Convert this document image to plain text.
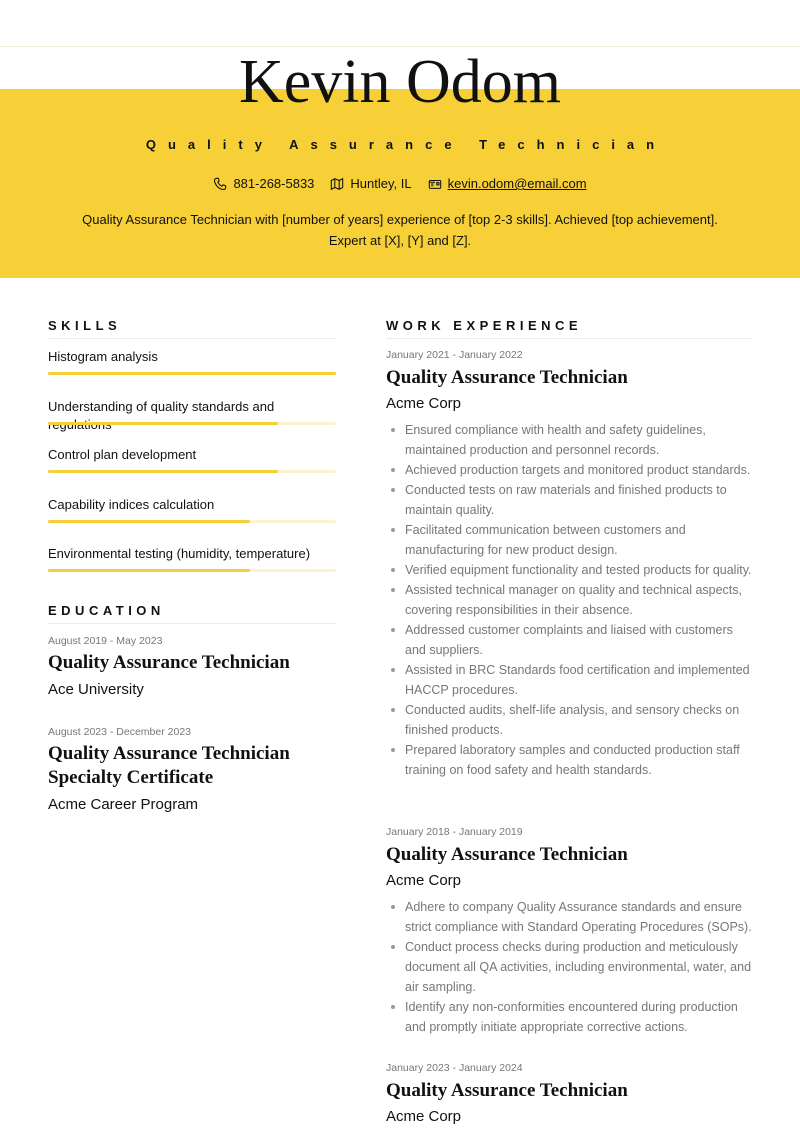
Kevin Odom
Quality Assurance Technician
881-268-5833	Huntley, IL	kevin.odom@email.com
Quality Assurance Technician with [number of years] experience of [top 2-3 skills]. Achieved [top achievement].
Expert at [X], [Y] and [Z].
SKILLS
Histogram analysis
Understanding of quality standards and
Control plan development
Capability indices calculation
Environmental testing (humidity, temperature)
EDUCATION
August 2019 - May 2023
Quality Assurance Technician
Ace University
August 2023 - December 2023
Quality Assurance Technician
Specialty Certificate
Acme Career Program
WORK EXPERIENCE
January 2021 - January 2022
Quality Assurance Technician
Acme Corp
Ensured compliance with health and safety guidelines, maintained production and personnel records.
Achieved production targets and monitored product standards.
Conducted tests on raw materials and finished products to maintain quality.
Facilitated communication between customers and manufacturing for new product design.
Verified equipment functionality and tested products for quality.
Assisted technical manager on quality and technical aspects, covering responsibilities in their absence.
Addressed customer complaints and liaised with customers and suppliers.
Assisted in BRC Standards food certification and implemented HACCP procedures.
Conducted audits, shelf-life analysis, and sensory checks on finished products.
Prepared laboratory samples and conducted production staff training on food safety and health standards.
January 2018 - January 2019
Quality Assurance Technician
Acme Corp
Adhere to company Quality Assurance standards and ensure strict compliance with Standard Operating Procedures (SOPs).
Conduct process checks during production and meticulously document all QA activities, including environmental, water, and air sampling.
Identify any non-conformities encountered during production and promptly initiate appropriate corrective actions.
January 2023 - January 2024
Quality Assurance Technician
Acme Corp
